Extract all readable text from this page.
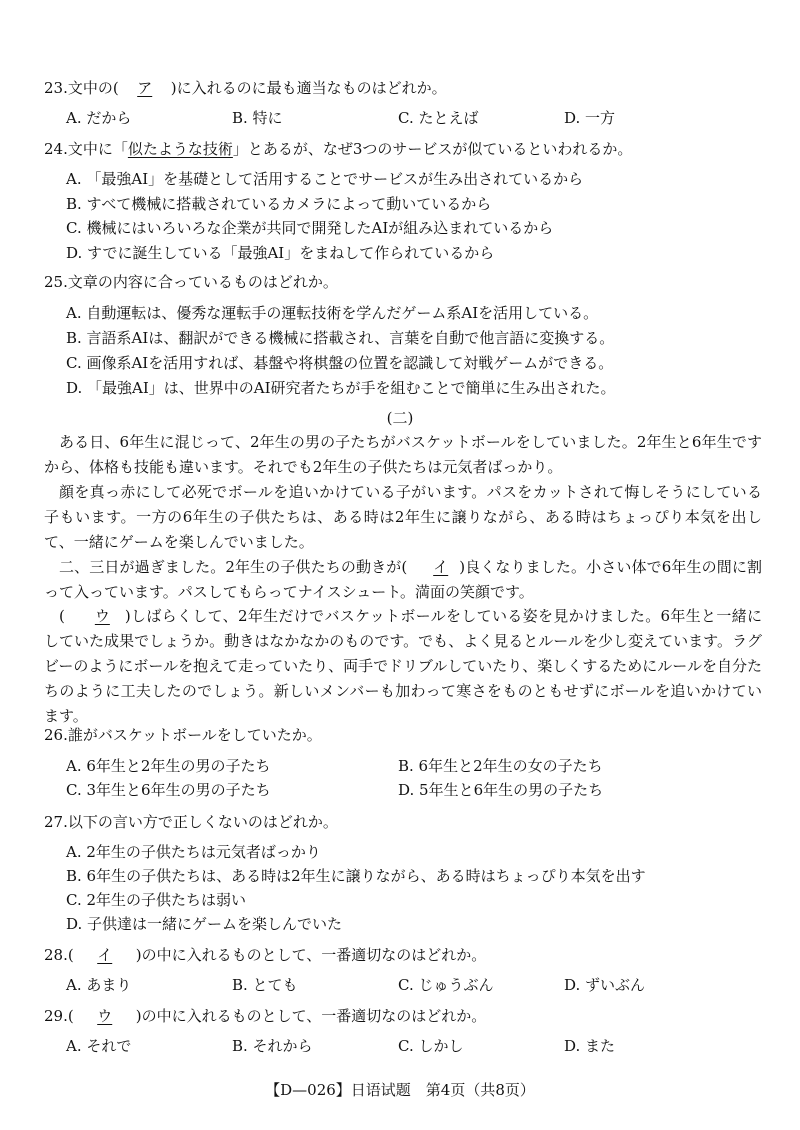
23.文中の( ア )に入れるのに最も適当なものはどれか。
A. だから	B. 特に	C. たとえば	D. 一方
24.文中に「似たような技術」とあるが、なぜ3つのサービスが似ているといわれるか。
A. 「最強AI」を基礎として活用することでサービスが生み出されているから
B. すべて機械に搭載されているカメラによって動いているから
C. 機械にはいろいろな企業が共同で開発したAIが組み込まれているから
D. すでに誕生している「最強AI」をまねして作られているから
25.文章の内容に合っているものはどれか。
A. 自動運転は、優秀な運転手の運転技術を学んだゲーム系AIを活用している。
B. 言語系AIは、翻訳ができる機械に搭載され、言葉を自動で他言語に変換する。
C. 画像系AIを活用すれば、碁盤や将棋盤の位置を認識して対戦ゲームができる。
D. 「最強AI」は、世界中のAI研究者たちが手を組むことで簡単に生み出された。
(二)
ある日、6年生に混じって、2年生の男の子たちがバスケットボールをしていました。2年生と6年生ですから、体格も技能も違います。それでも2年生の子供たちは元気者ばっかり。
顔を真っ赤にして必死でボールを追いかけている子がいます。パスをカットされて悔しそうにしている子もいます。一方の6年生の子供たちは、ある時は2年生に譲りながら、ある時はちょっぴり本気を出して、一緒にゲームを楽しんでいました。
二、三日が過ぎました。2年生の子供たちの動きが( イ )良くなりました。小さい体で6年生の間に割って入っています。パスしてもらってナイスシュート。満面の笑顔です。
( ウ )しばらくして、2年生だけでバスケットボールをしている姿を見かけました。6年生と一緒にしていた成果でしょうか。動きはなかなかのものです。でも、よく見るとルールを少し変えています。ラグビーのようにボールを抱えて走っていたり、両手でドリブルしていたり、楽しくするためにルールを自分たちのように工夫したのでしょう。新しいメンバーも加わって寒さをものともせずにボールを追いかけています。
26.誰がバスケットボールをしていたか。
A. 6年生と2年生の男の子たち	B. 6年生と2年生の女の子たち
C. 3年生と6年生の男の子たち	D. 5年生と6年生の男の子たち
27.以下の言い方で正しくないのはどれか。
A. 2年生の子供たちは元気者ばっかり
B. 6年生の子供たちは、ある時は2年生に譲りながら、ある時はちょっぴり本気を出す
C. 2年生の子供たちは弱い
D. 子供達は一緒にゲームを楽しんでいた
28.( イ )の中に入れるものとして、一番適切なのはどれか。
A. あまり	B. とても	C. じゅうぶん	D. ずいぶん
29.( ウ )の中に入れるものとして、一番適切なのはどれか。
A. それで	B. それから	C. しかし	D. また
【D—026】日语试题　第4页（共8页）
